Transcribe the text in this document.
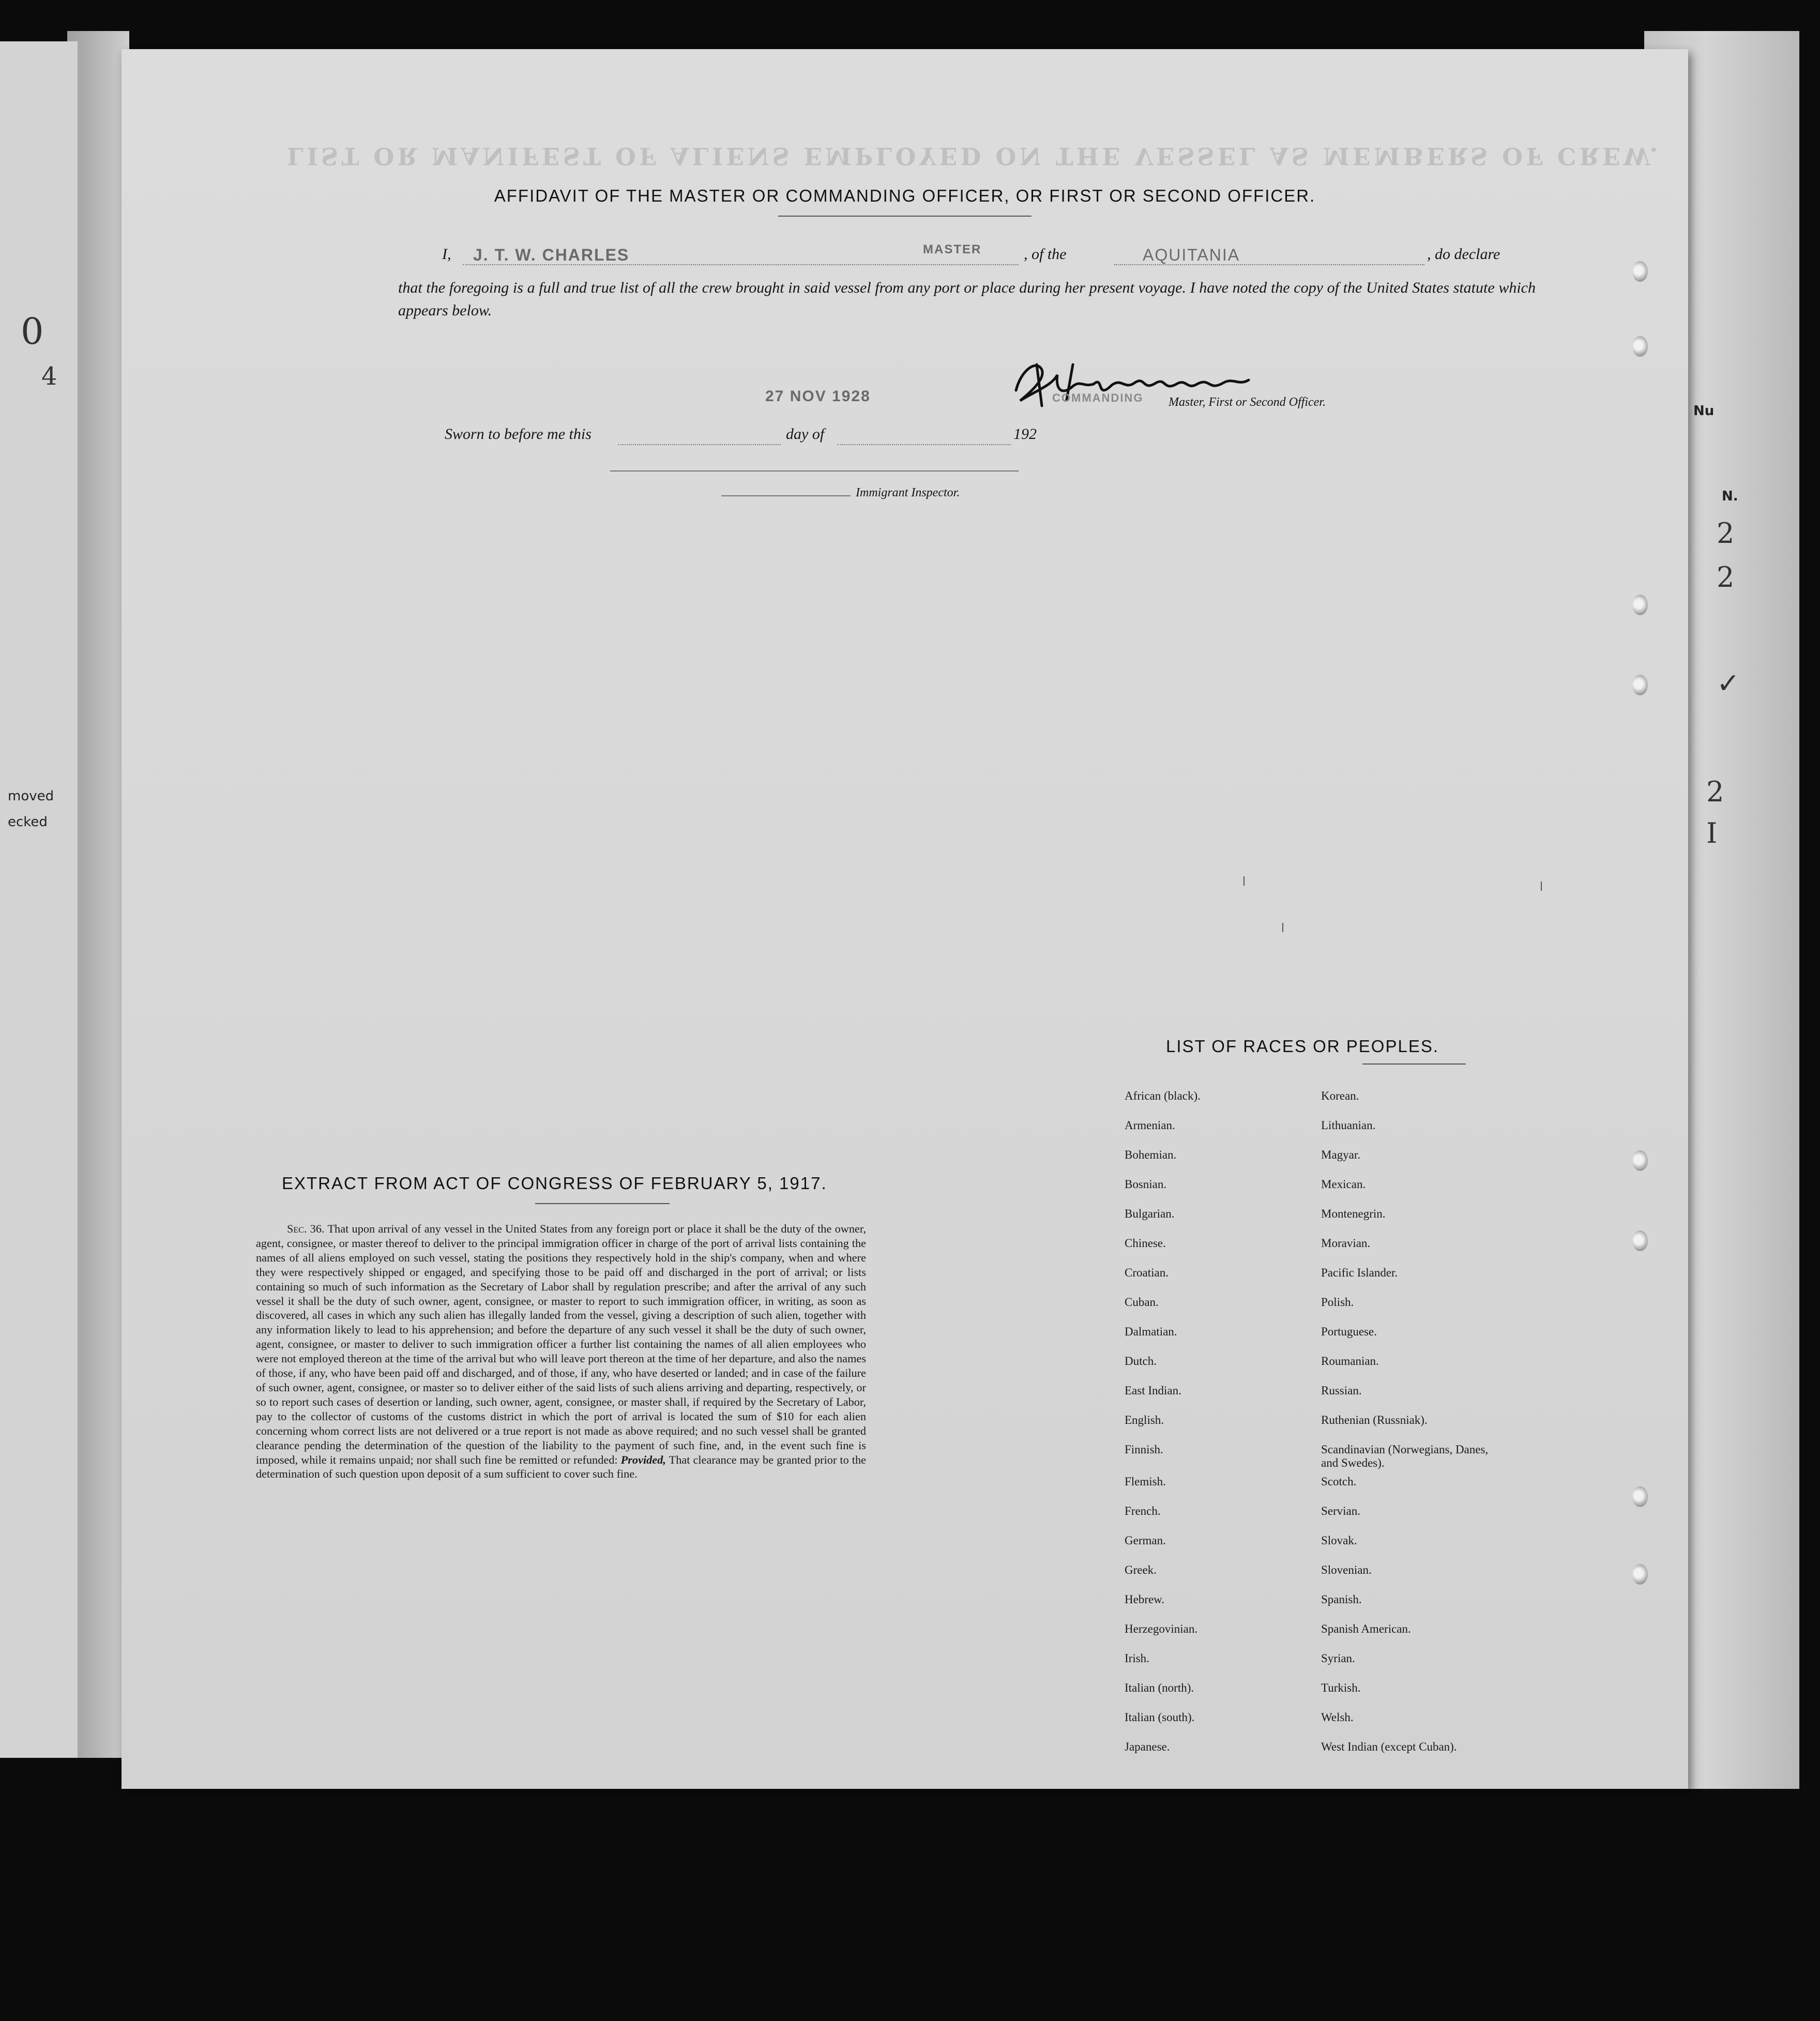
moved
ecked
0
4
Nu
N.
2
2
✓
2
I
LIST OR MANIFEST OF ALIENS EMPLOYED ON THE VESSEL AS MEMBERS OF CREW.
AFFIDAVIT OF THE MASTER OR COMMANDING OFFICER, OR FIRST OR SECOND OFFICER.
I, J. T. W. CHARLES	MASTER	, of the	AQUITANIA	, do declare
that the foregoing is a full and true list of all the crew brought in said vessel from any port or place during her present voyage. I have noted the copy of the United States statute which appears below.
27 NOV 1928	COMMANDING Master, First or Second Officer.
Sworn to before me this	day of	192
Immigrant Inspector.
EXTRACT FROM ACT OF CONGRESS OF FEBRUARY 5, 1917.
Sec. 36. That upon arrival of any vessel in the United States from any foreign port or place it shall be the duty of the owner, agent, consignee, or master thereof to deliver to the principal immigration officer in charge of the port of arrival lists containing the names of all aliens employed on such vessel, stating the positions they respectively hold in the ship's company, when and where they were respectively shipped or engaged, and specifying those to be paid off and discharged in the port of arrival; or lists containing so much of such information as the Secretary of Labor shall by regulation prescribe; and after the arrival of any such vessel it shall be the duty of such owner, agent, consignee, or master to report to such immigration officer, in writing, as soon as discovered, all cases in which any such alien has illegally landed from the vessel, giving a description of such alien, together with any information likely to lead to his apprehension; and before the departure of any such vessel it shall be the duty of such owner, agent, consignee, or master to deliver to such immigration officer a further list containing the names of all alien employees who were not employed thereon at the time of the arrival but who will leave port thereon at the time of her departure, and also the names of those, if any, who have been paid off and discharged, and of those, if any, who have deserted or landed; and in case of the failure of such owner, agent, consignee, or master so to deliver either of the said lists of such aliens arriving and departing, respectively, or so to report such cases of desertion or landing, such owner, agent, consignee, or master shall, if required by the Secretary of Labor, pay to the collector of customs of the customs district in which the port of arrival is located the sum of $10 for each alien concerning whom correct lists are not delivered or a true report is not made as above required; and no such vessel shall be granted clearance pending the determination of the question of the liability to the payment of such fine, and, in the event such fine is imposed, while it remains unpaid; nor shall such fine be remitted or refunded: Provided, That clearance may be granted prior to the determination of such question upon deposit of a sum sufficient to cover such fine.
LIST OF RACES OR PEOPLES.
African (black).	Korean.
Armenian.	Lithuanian.
Bohemian.	Magyar.
Bosnian.	Mexican.
Bulgarian.	Montenegrin.
Chinese.	Moravian.
Croatian.	Pacific Islander.
Cuban.	Polish.
Dalmatian.	Portuguese.
Dutch.	Roumanian.
East Indian.	Russian.
English.	Ruthenian (Russniak).
Finnish.	Scandinavian (Norwegians, Danes, and Swedes).
Flemish.	Scotch.
French.	Servian.
German.	Slovak.
Greek.	Slovenian.
Hebrew.	Spanish.
Herzegovinian.	Spanish American.
Irish.	Syrian.
Italian (north).	Turkish.
Italian (south).	Welsh.
Japanese.	West Indian (except Cuban).
